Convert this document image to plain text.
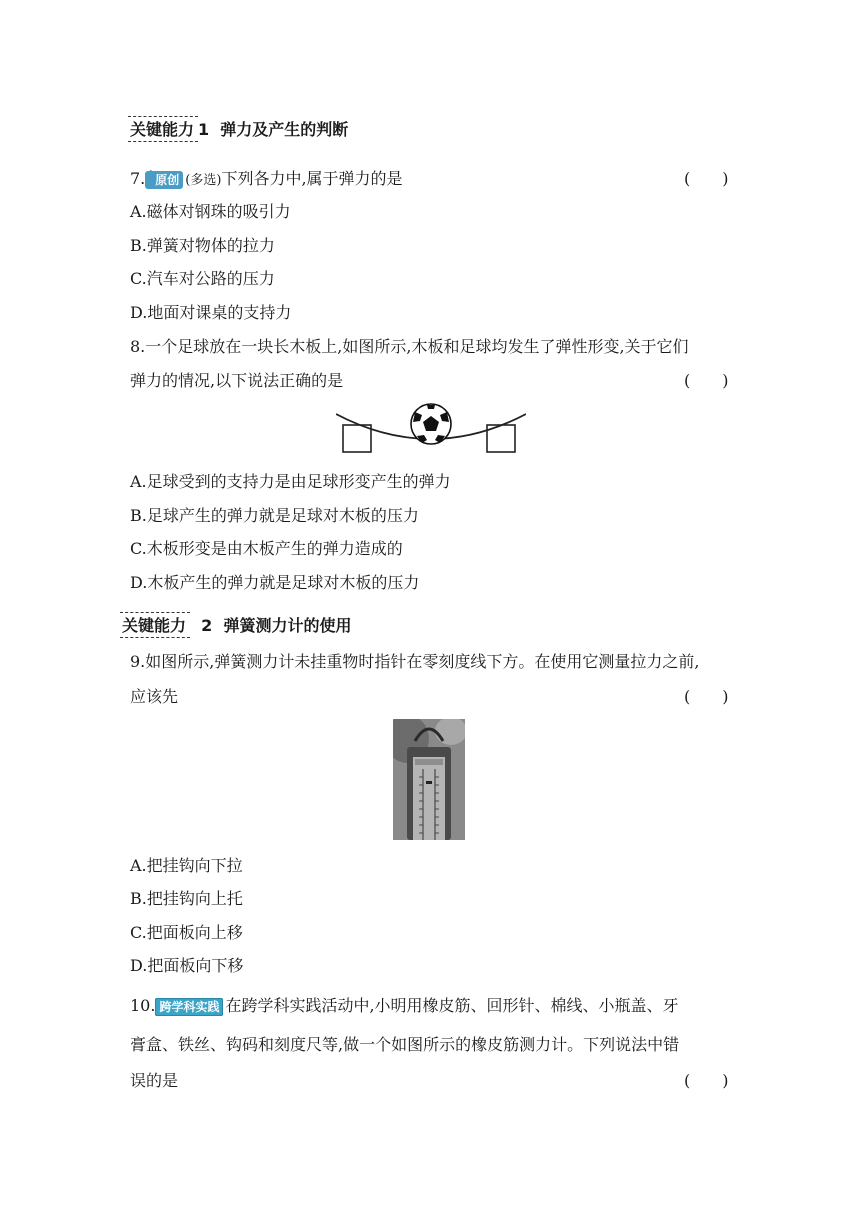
关键能力 1 弹力及产生的判断
7. ⬆ 原创 (多选)下列各力中,属于弹力的是	(　　)
A.磁体对钢珠的吸引力
B.弹簧对物体的拉力
C.汽车对公路的压力
D.地面对课桌的支持力
8.一个足球放在一块长木板上,如图所示,木板和足球均发生了弹性形变,关于它们
弹力的情况,以下说法正确的是	(　　)
A.足球受到的支持力是由足球形变产生的弹力
B.足球产生的弹力就是足球对木板的压力
C.木板形变是由木板产生的弹力造成的
D.木板产生的弹力就是足球对木板的压力
关键能力 2 弹簧测力计的使用
9.如图所示,弹簧测力计未挂重物时指针在零刻度线下方。在使用它测量拉力之前,
应该先	(　　)
A.把挂钩向下拉
B.把挂钩向上托
C.把面板向上移
D.把面板向下移
10. 跨学科实践 在跨学科实践活动中,小明用橡皮筋、回形针、棉线、小瓶盖、牙
膏盒、铁丝、钩码和刻度尺等,做一个如图所示的橡皮筋测力计。下列说法中错
误的是	(　　)
